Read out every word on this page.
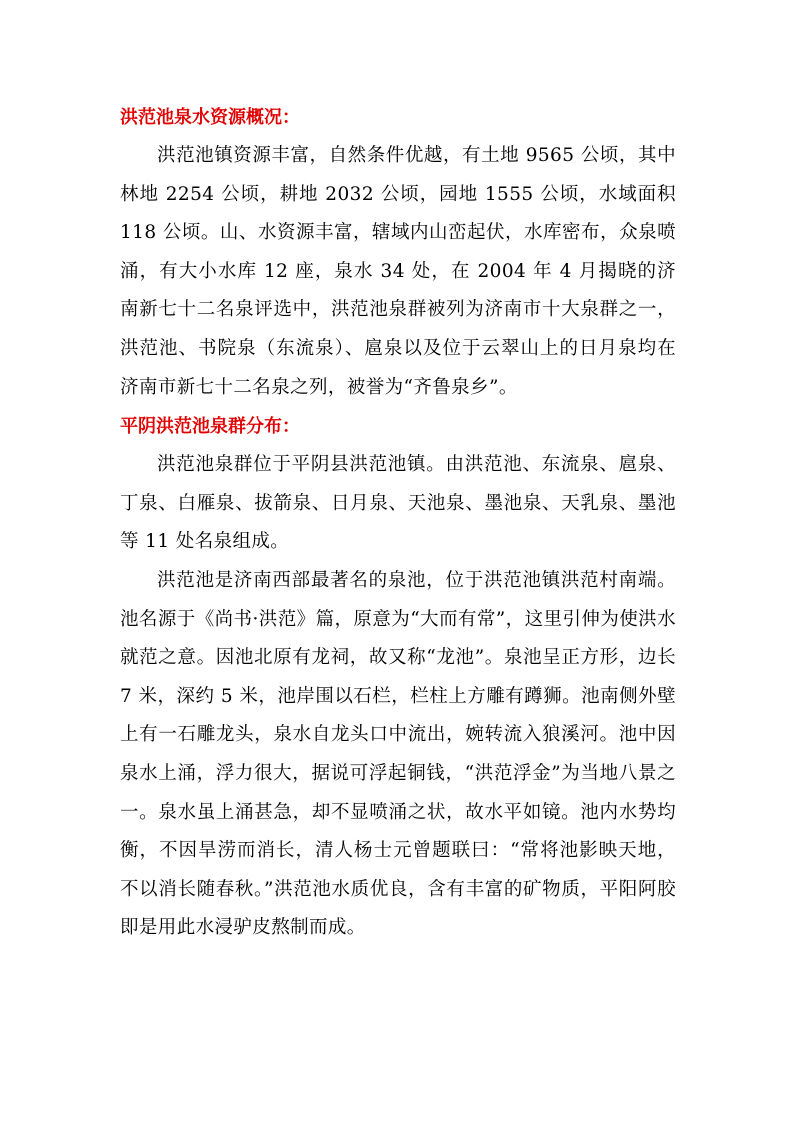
洪范池泉水资源概况：

洪范池镇资源丰富，自然条件优越，有土地 9565 公顷，其中林地 2254 公顷，耕地 2032 公顷，园地 1555 公顷，水域面积 118 公顷。山、水资源丰富，辖域内山峦起伏，水库密布，众泉喷涌，有大小水库 12 座，泉水 34 处，在 2004 年 4 月揭晓的济南新七十二名泉评选中，洪范池泉群被列为济南市十大泉群之一，洪范池、书院泉（东流泉）、扈泉以及位于云翠山上的日月泉均在济南市新七十二名泉之列，被誉为“齐鲁泉乡”。

平阴洪范池泉群分布：

洪范池泉群位于平阴县洪范池镇。由洪范池、东流泉、扈泉、丁泉、白雁泉、拔箭泉、日月泉、天池泉、墨池泉、天乳泉、墨池等 11 处名泉组成。

洪范池是济南西部最著名的泉池，位于洪范池镇洪范村南端。池名源于《尚书·洪范》篇，原意为“大而有常”，这里引伸为使洪水就范之意。因池北原有龙祠，故又称“龙池”。泉池呈正方形，边长 7 米，深约 5 米，池岸围以石栏，栏柱上方雕有蹲狮。池南侧外壁上有一石雕龙头，泉水自龙头口中流出，婉转流入狼溪河。池中因泉水上涌，浮力很大，据说可浮起铜钱，“洪范浮金”为当地八景之一。泉水虽上涌甚急，却不显喷涌之状，故水平如镜。池内水势均衡，不因旱涝而消长，清人杨士元曾题联曰：“常将池影映天地，不以消长随春秋。”洪范池水质优良，含有丰富的矿物质，平阳阿胶即是用此水浸驴皮熬制而成。
